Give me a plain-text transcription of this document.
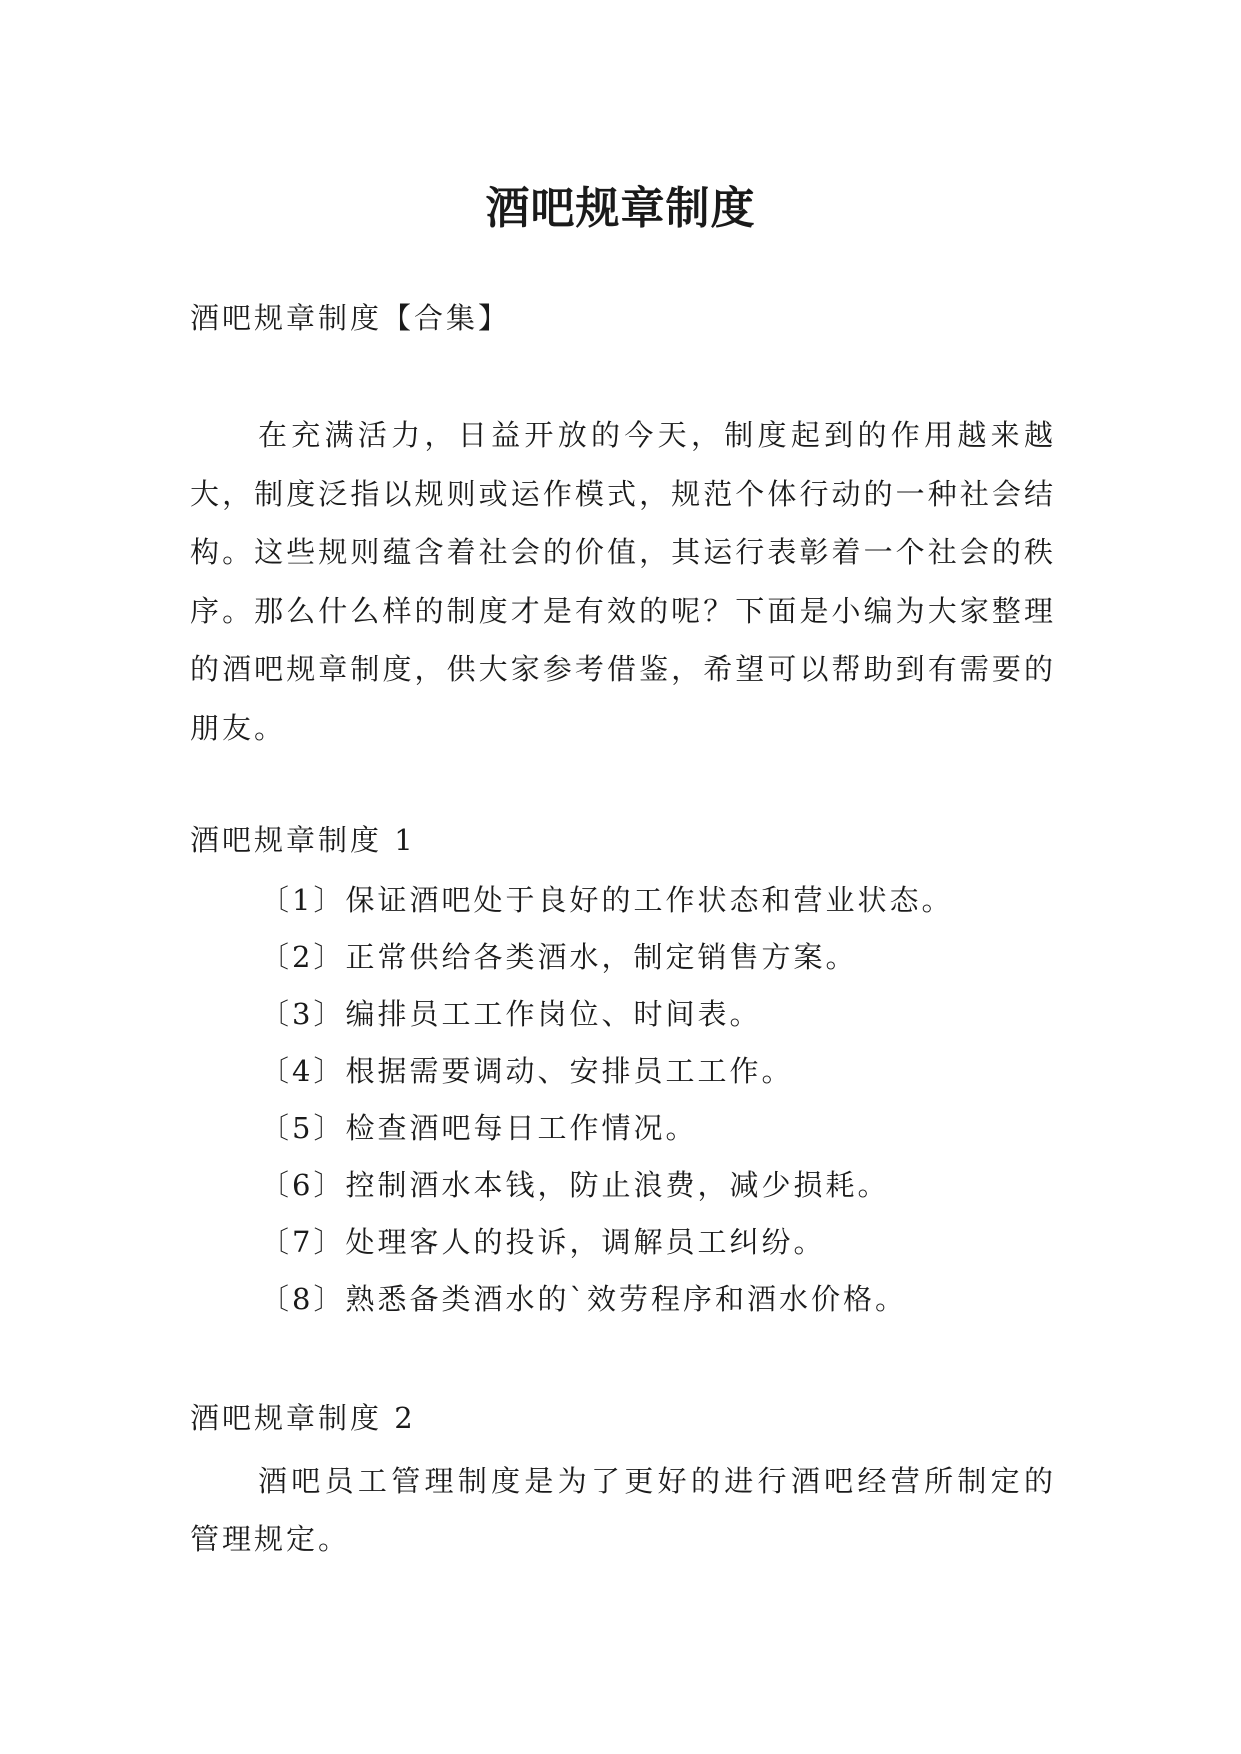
酒吧规章制度

酒吧规章制度【合集】

在充满活力，日益开放的今天，制度起到的作用越来越大，制度泛指以规则或运作模式，规范个体行动的一种社会结构。这些规则蕴含着社会的价值，其运行表彰着一个社会的秩序。那么什么样的制度才是有效的呢？下面是小编为大家整理的酒吧规章制度，供大家参考借鉴，希望可以帮助到有需要的朋友。

酒吧规章制度 1

〔1〕保证酒吧处于良好的工作状态和营业状态。
〔2〕正常供给各类酒水，制定销售方案。
〔3〕编排员工工作岗位、时间表。
〔4〕根据需要调动、安排员工工作。
〔5〕检查酒吧每日工作情况。
〔6〕控制酒水本钱，防止浪费，减少损耗。
〔7〕处理客人的投诉，调解员工纠纷。
〔8〕熟悉备类酒水的`效劳程序和酒水价格。

酒吧规章制度 2

酒吧员工管理制度是为了更好的进行酒吧经营所制定的管理规定。
